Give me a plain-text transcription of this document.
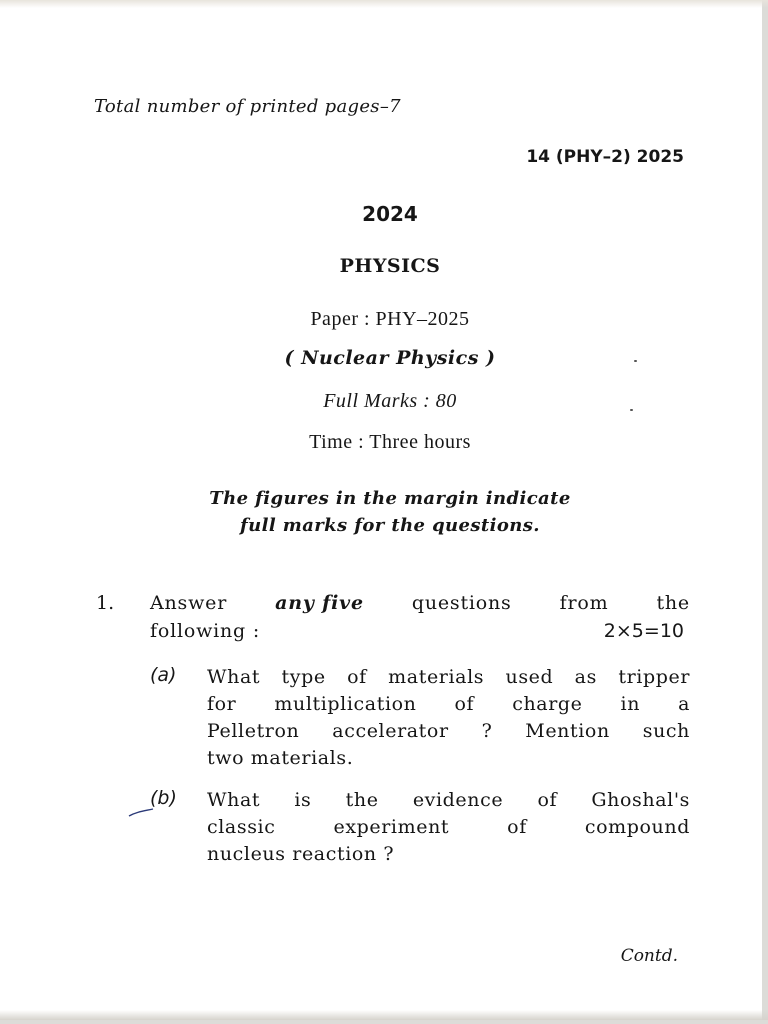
Total number of printed pages–7
14 (PHY–2) 2025
2024
PHYSICS
Paper : PHY–2025
( Nuclear Physics )
Full Marks : 80
Time : Three hours
The figures in the margin indicate
full marks for the questions.
1. Answer	any five	questions	from	the
following :	2×5=10
(a) What type of materials used as tripper
for multiplication of charge in a
Pelletron accelerator ? Mention such
two materials.
(b) What is the evidence of Ghoshal's
classic experiment of compound
nucleus reaction ?
Contd.
